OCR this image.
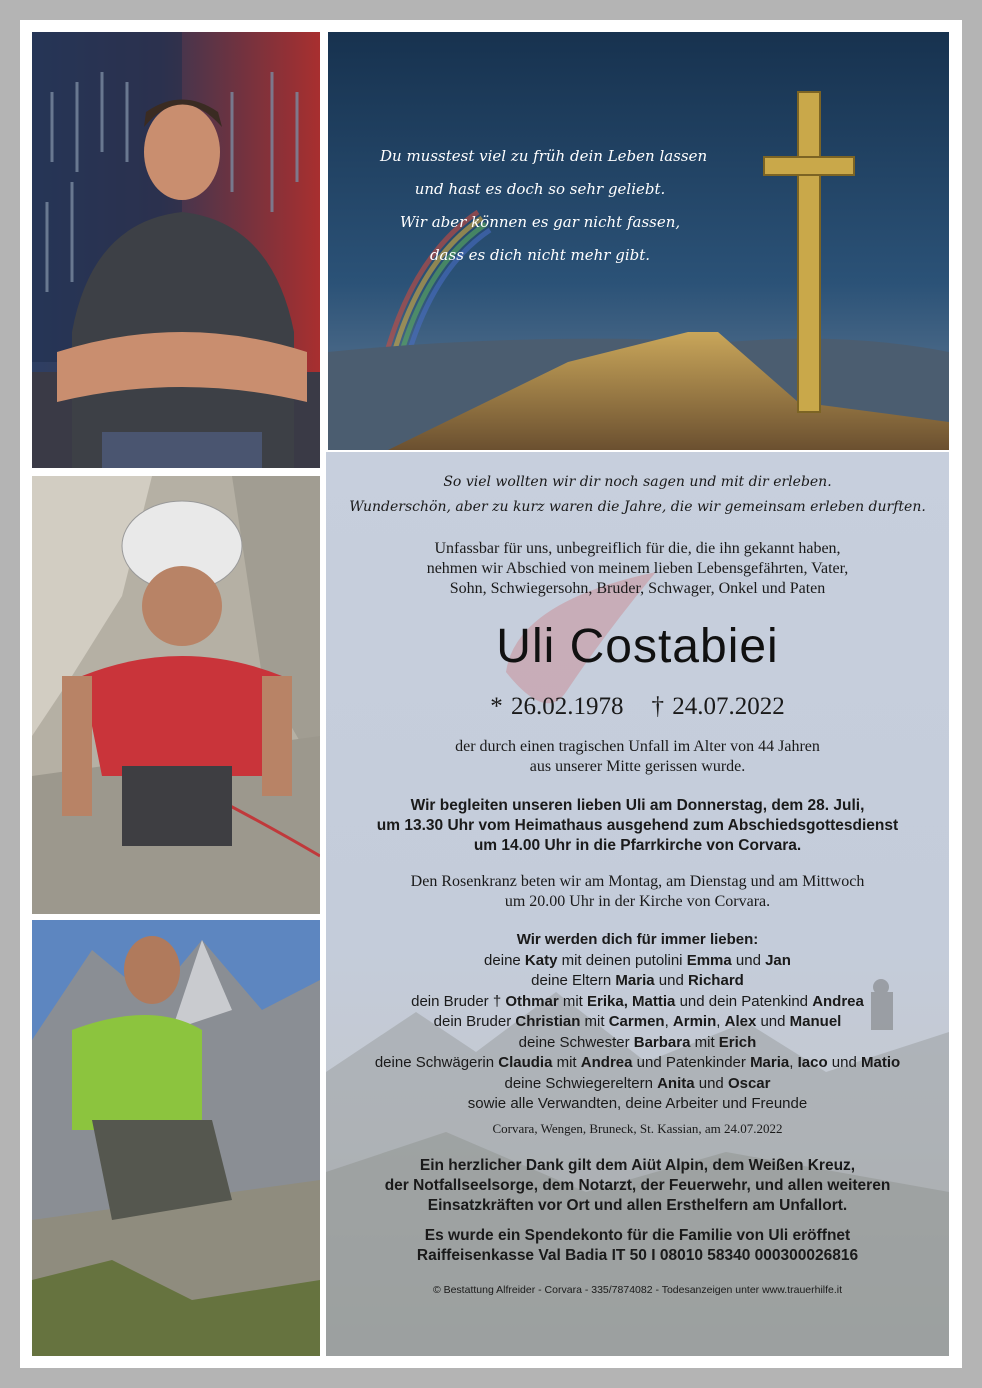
Du musstest viel zu früh dein Leben lassen
und hast es doch so sehr geliebt.
Wir aber können es gar nicht fassen,
dass es dich nicht mehr gibt.
So viel wollten wir dir noch sagen und mit dir erleben.
Wunderschön, aber zu kurz waren die Jahre, die wir gemeinsam erleben durften.
Unfassbar für uns, unbegreiflich für die, die ihn gekannt haben,
nehmen wir Abschied von meinem lieben Lebensgefährten, Vater,
Sohn, Schwiegersohn, Bruder, Schwager, Onkel und Paten
Uli Costabiei
* 26.02.1978 † 24.07.2022
der durch einen tragischen Unfall im Alter von 44 Jahren
aus unserer Mitte gerissen wurde.
Wir begleiten unseren lieben Uli am Donnerstag, dem 28. Juli,
um 13.30 Uhr vom Heimathaus ausgehend zum Abschiedsgottesdienst
um 14.00 Uhr in die Pfarrkirche von Corvara.
Den Rosenkranz beten wir am Montag, am Dienstag und am Mittwoch
um 20.00 Uhr in der Kirche von Corvara.
Wir werden dich für immer lieben:
deine Katy mit deinen putolini Emma und Jan
deine Eltern Maria und Richard
dein Bruder † Othmar mit Erika, Mattia und dein Patenkind Andrea
dein Bruder Christian mit Carmen, Armin, Alex und Manuel
deine Schwester Barbara mit Erich
deine Schwägerin Claudia mit Andrea und Patenkinder Maria, Iaco und Matio
deine Schwiegereltern Anita und Oscar
sowie alle Verwandten, deine Arbeiter und Freunde
Corvara, Wengen, Bruneck, St. Kassian, am 24.07.2022
Ein herzlicher Dank gilt dem Aiüt Alpin, dem Weißen Kreuz,
der Notfallseelsorge, dem Notarzt, der Feuerwehr, und allen weiteren
Einsatzkräften vor Ort und allen Ersthelfern am Unfallort.
Es wurde ein Spendekonto für die Familie von Uli eröffnet
Raiffeisenkasse Val Badia IT 50 I 08010 58340 000300026816
© Bestattung Alfreider - Corvara - 335/7874082 - Todesanzeigen unter www.trauerhilfe.it
